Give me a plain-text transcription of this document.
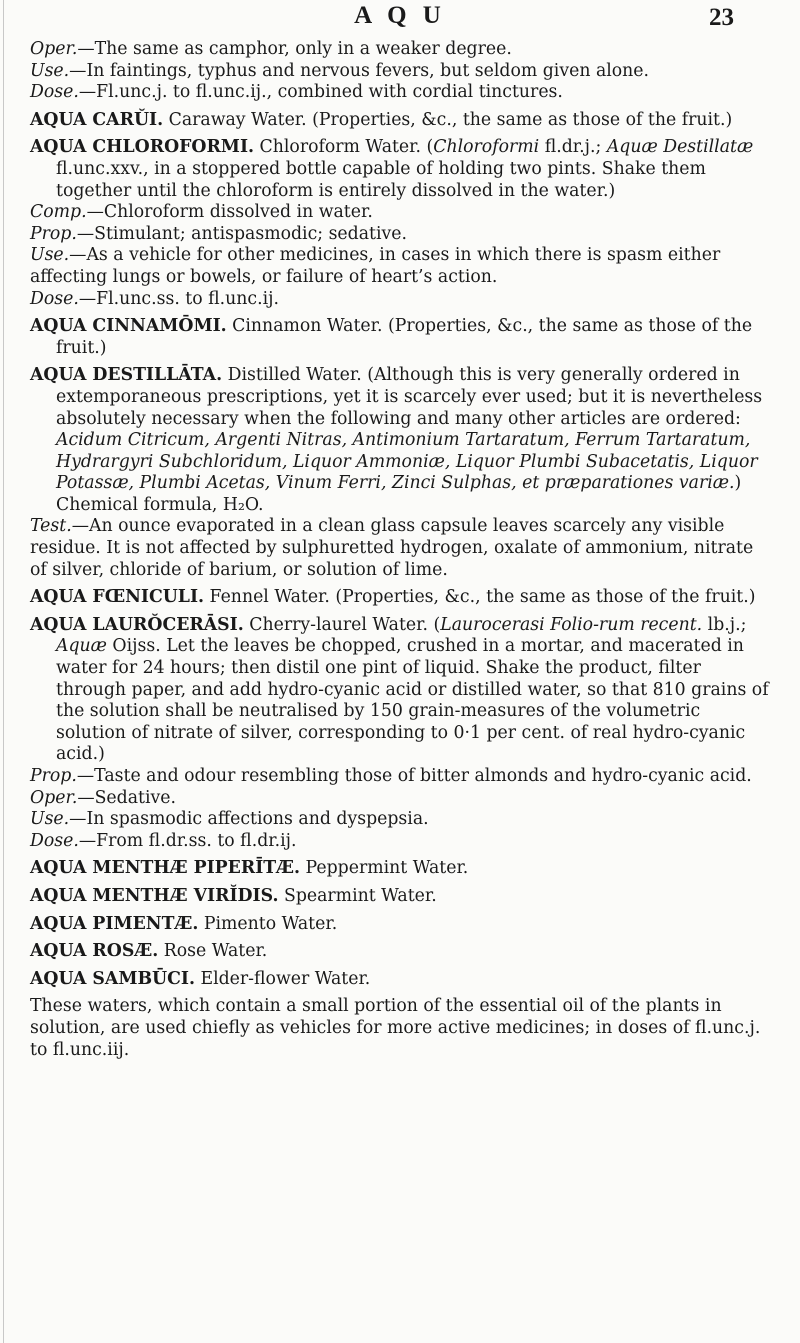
A Q U	23

Oper.—The same as camphor, only in a weaker degree.

Use.—In faintings, typhus and nervous fevers, but seldom given alone.

Dose.—Fl.unc.j. to fl.unc.ij., combined with cordial tinctures.

AQUA CARŬI. Caraway Water. (Properties, &c., the same as those of the fruit.)

AQUA CHLOROFORMI. Chloroform Water. (Chloroformi fl.dr.j.; Aquæ Destillatæ fl.unc.xxv., in a stoppered bottle capable of holding two pints. Shake them together until the chloroform is entirely dissolved in the water.)

Comp.—Chloroform dissolved in water.

Prop.—Stimulant; antispasmodic; sedative.

Use.—As a vehicle for other medicines, in cases in which there is spasm either affecting lungs or bowels, or failure of heart’s action.

Dose.—Fl.unc.ss. to fl.unc.ij.

AQUA CINNAMŌMI. Cinnamon Water. (Properties, &c., the same as those of the fruit.)

AQUA DESTILLĀTA. Distilled Water. (Although this is very generally ordered in extemporaneous prescriptions, yet it is scarcely ever used; but it is nevertheless absolutely necessary when the following and many other articles are ordered: Acidum Citricum, Argenti Nitras, Antimonium Tartaratum, Ferrum Tartaratum, Hydrargyri Subchloridum, Liquor Ammoniæ, Liquor Plumbi Subacetatis, Liquor Potassæ, Plumbi Acetas, Vinum Ferri, Zinci Sulphas, et præparationes variæ.) Chemical formula, H₂O.

Test.—An ounce evaporated in a clean glass capsule leaves scarcely any visible residue. It is not affected by sulphuretted hydrogen, oxalate of ammonium, nitrate of silver, chloride of barium, or solution of lime.

AQUA FŒNICULI. Fennel Water. (Properties, &c., the same as those of the fruit.)

AQUA LAURŎCERĀSI. Cherry-laurel Water. (Laurocerasi Folio-rum recent. lb.j.; Aquæ Oijss. Let the leaves be chopped, crushed in a mortar, and macerated in water for 24 hours; then distil one pint of liquid. Shake the product, filter through paper, and add hydro-cyanic acid or distilled water, so that 810 grains of the solution shall be neutralised by 150 grain-measures of the volumetric solution of nitrate of silver, corresponding to 0·1 per cent. of real hydro-cyanic acid.)

Prop.—Taste and odour resembling those of bitter almonds and hydro-cyanic acid.

Oper.—Sedative.

Use.—In spasmodic affections and dyspepsia.

Dose.—From fl.dr.ss. to fl.dr.ij.

AQUA MENTHÆ PIPERĪTÆ. Peppermint Water.

AQUA MENTHÆ VIRĬDIS. Spearmint Water.

AQUA PIMENTÆ. Pimento Water.

AQUA ROSÆ. Rose Water.

AQUA SAMBŪCI. Elder-flower Water.

These waters, which contain a small portion of the essential oil of the plants in solution, are used chiefly as vehicles for more active medicines; in doses of fl.unc.j. to fl.unc.iij.
